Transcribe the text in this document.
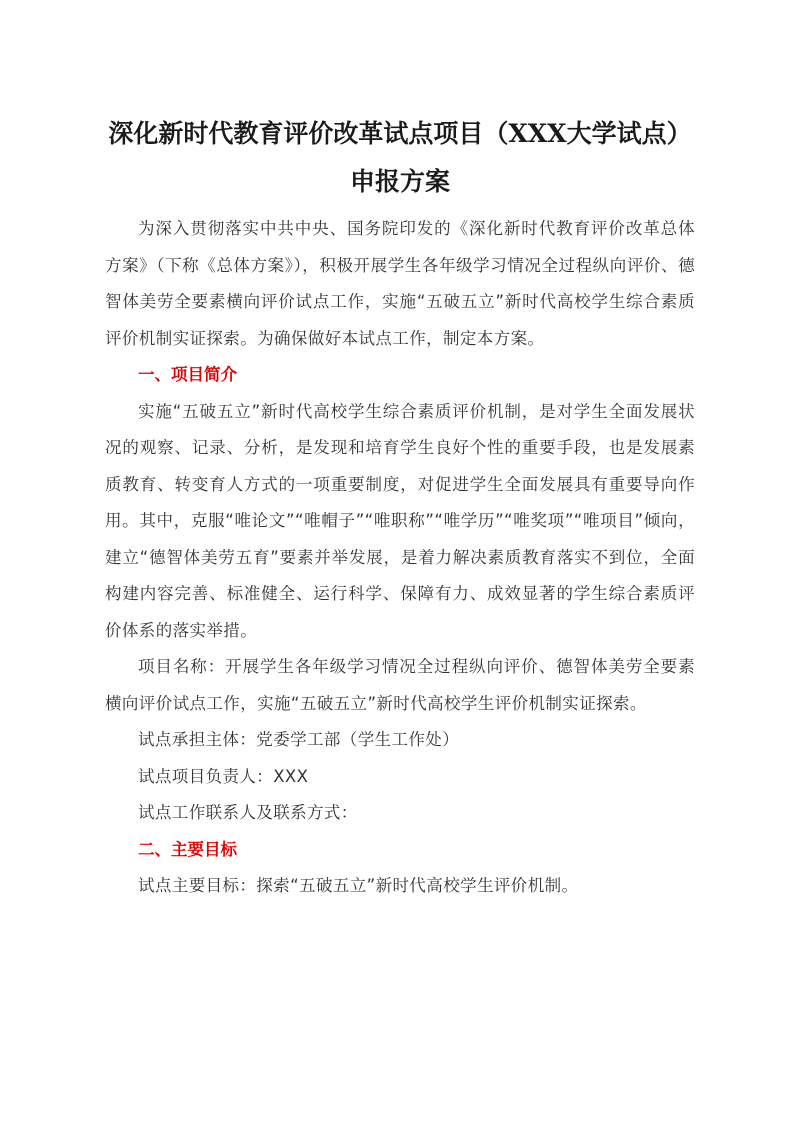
深化新时代教育评价改革试点项目（XXX大学试点）申报方案

为深入贯彻落实中共中央、国务院印发的《深化新时代教育评价改革总体方案》（下称《总体方案》），积极开展学生各年级学习情况全过程纵向评价、德智体美劳全要素横向评价试点工作，实施“五破五立”新时代高校学生综合素质评价机制实证探索。为确保做好本试点工作，制定本方案。

一、项目简介

实施“五破五立”新时代高校学生综合素质评价机制，是对学生全面发展状况的观察、记录、分析，是发现和培育学生良好个性的重要手段，也是发展素质教育、转变育人方式的一项重要制度，对促进学生全面发展具有重要导向作用。其中，克服“唯论文”“唯帽子”“唯职称”“唯学历”“唯奖项”“唯项目”倾向，建立“德智体美劳五育”要素并举发展，是着力解决素质教育落实不到位，全面构建内容完善、标准健全、运行科学、保障有力、成效显著的学生综合素质评价体系的落实举措。

项目名称：开展学生各年级学习情况全过程纵向评价、德智体美劳全要素横向评价试点工作，实施“五破五立”新时代高校学生评价机制实证探索。

试点承担主体：党委学工部（学生工作处）

试点项目负责人：XXX

试点工作联系人及联系方式：

二、主要目标

试点主要目标：探索“五破五立”新时代高校学生评价机制。
